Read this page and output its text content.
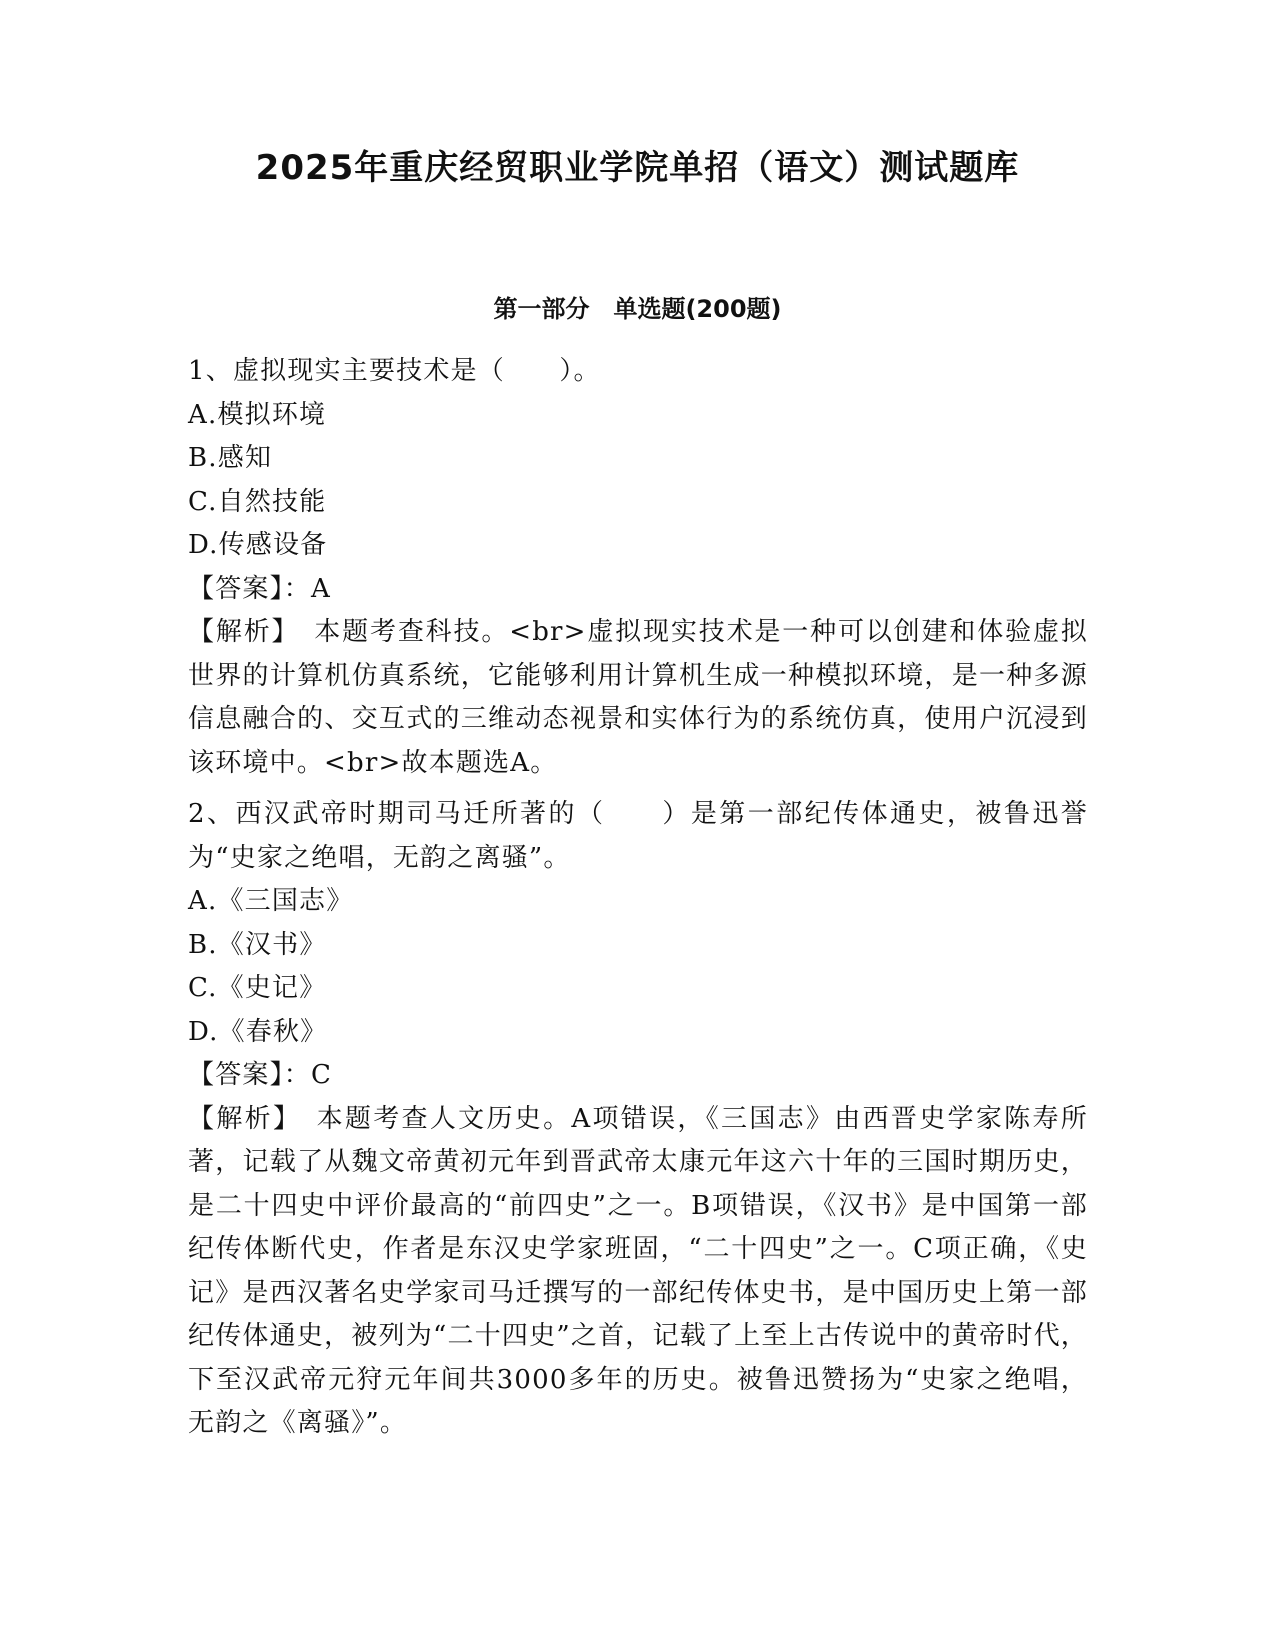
2025年重庆经贸职业学院单招（语文）测试题库
第一部分　单选题(200题)
1、虚拟现实主要技术是（　　）。
A.模拟环境
B.感知
C.自然技能
D.传感设备
【答案】：A
【解析】　本题考查科技。<br>虚拟现实技术是一种可以创建和体验虚拟世界的计算机仿真系统，它能够利用计算机生成一种模拟环境，是一种多源信息融合的、交互式的三维动态视景和实体行为的系统仿真，使用户沉浸到该环境中。<br>故本题选A。
2、西汉武帝时期司马迁所著的（　　）是第一部纪传体通史，被鲁迅誉为“史家之绝唱，无韵之离骚”。
A.《三国志》
B.《汉书》
C.《史记》
D.《春秋》
【答案】：C
【解析】　本题考查人文历史。A项错误，《三国志》由西晋史学家陈寿所著，记载了从魏文帝黄初元年到晋武帝太康元年这六十年的三国时期历史，是二十四史中评价最高的“前四史”之一。B项错误，《汉书》是中国第一部纪传体断代史，作者是东汉史学家班固，“二十四史”之一。C项正确，《史记》是西汉著名史学家司马迁撰写的一部纪传体史书，是中国历史上第一部纪传体通史，被列为“二十四史”之首，记载了上至上古传说中的黄帝时代，下至汉武帝元狩元年间共3000多年的历史。被鲁迅赞扬为“史家之绝唱，无韵之《离骚》”。
